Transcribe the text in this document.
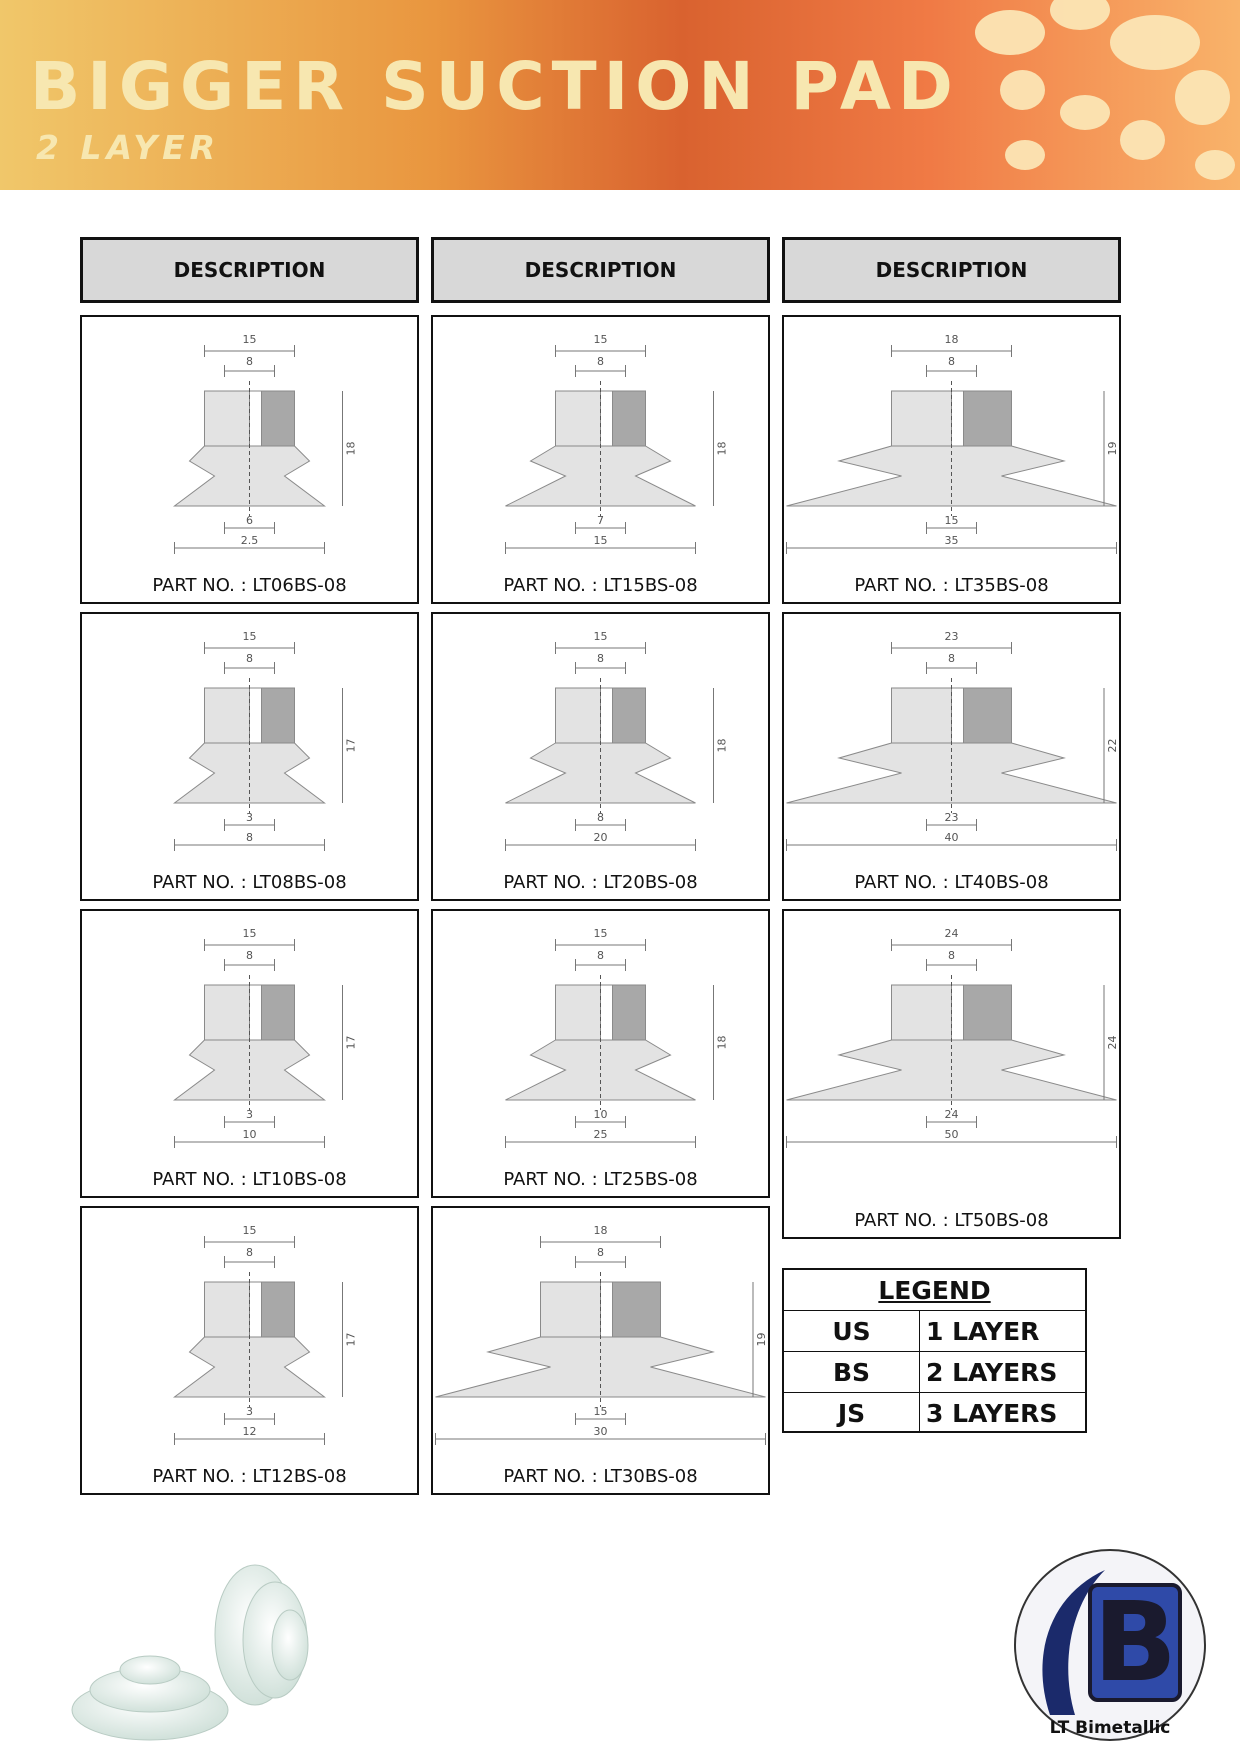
BIGGER SUCTION PAD
2 LAYER
DESCRIPTION	DESCRIPTION	DESCRIPTION
15
8
18
6
2.5
PART NO. : LT06BS-08
15
8
18
7
15
PART NO. : LT15BS-08
18
8
19
15
35
PART NO. : LT35BS-08
15
8
17
3
8
PART NO. : LT08BS-08
15
8
18
8
20
PART NO. : LT20BS-08
23
8
22
23
40
PART NO. : LT40BS-08
15
8
17
3
10
PART NO. : LT10BS-08
15
8
18
10
25
PART NO. : LT25BS-08
24
8
24
24
50
PART NO. : LT50BS-08
15
8
17
3
12
PART NO. : LT12BS-08
18
8
19
15
30
PART NO. : LT30BS-08
LEGEND
US	1 LAYER
BS	2 LAYERS
JS	3 LAYERS
B
LT Bimetallic
